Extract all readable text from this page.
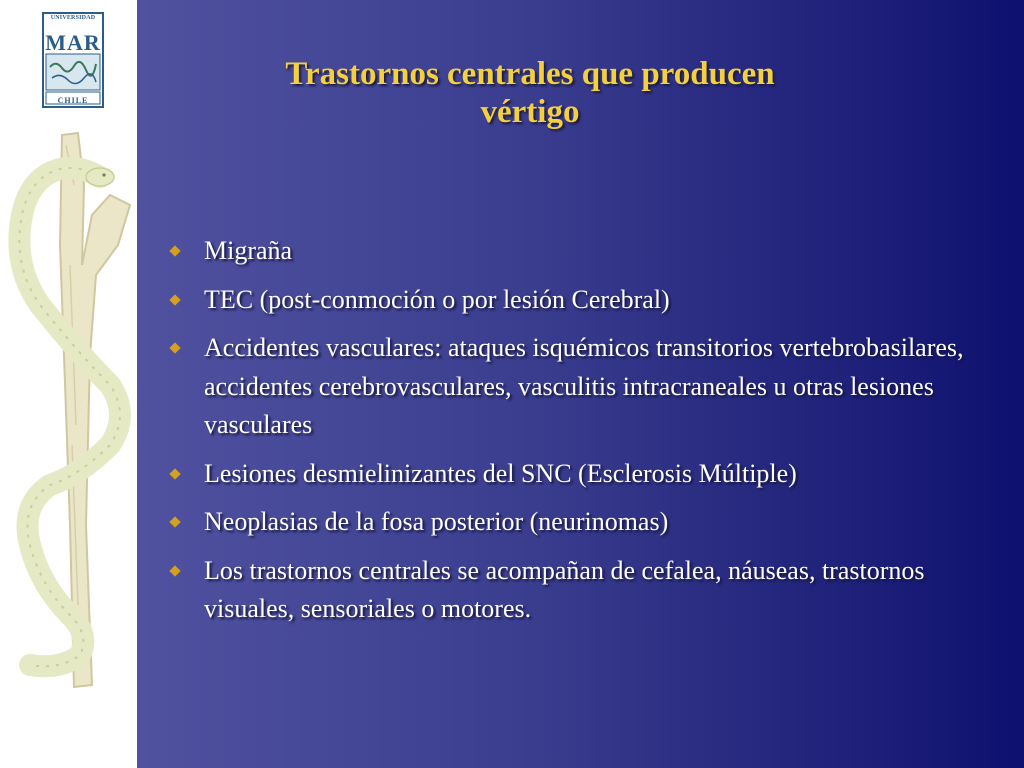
UNIVERSIDAD
MAR
CHILE
Trastornos centrales que producen
vértigo
Migraña
TEC (post-conmoción o por lesión Cerebral)
Accidentes vasculares: ataques isquémicos transitorios vertebrobasilares, accidentes cerebrovasculares, vasculitis intracraneales u otras lesiones vasculares
Lesiones desmielinizantes del SNC (Esclerosis Múltiple)
Neoplasias de la fosa posterior (neurinomas)
Los trastornos centrales se acompañan de cefalea, náuseas, trastornos visuales, sensoriales o motores.
